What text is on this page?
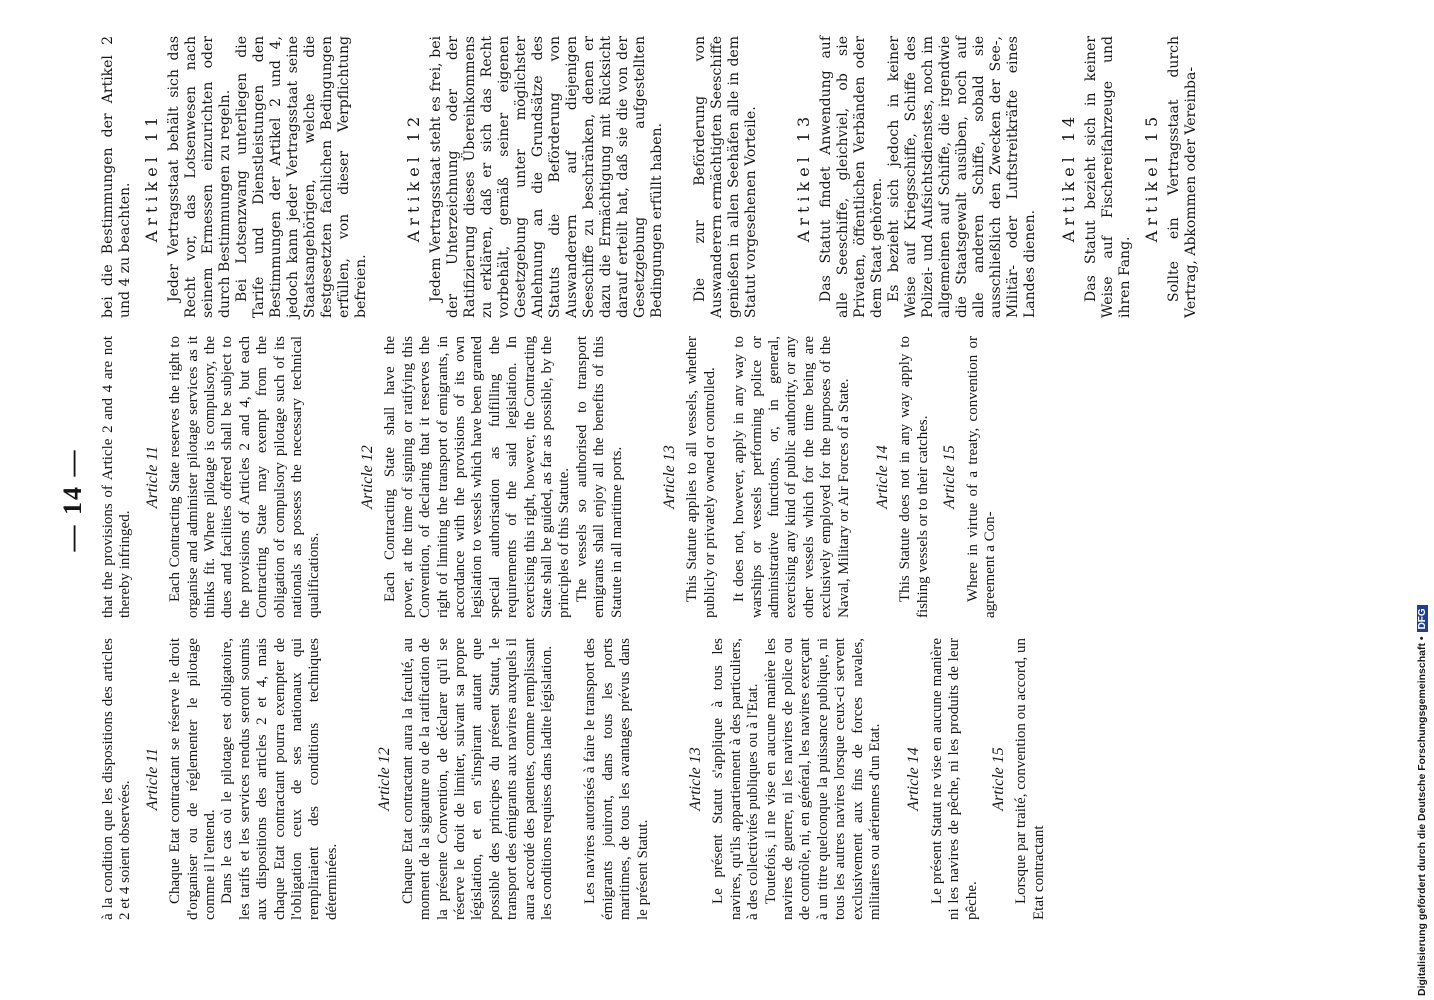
— 14 —

à la condition que les dispositions des articles 2 et 4 soient observées.

Article 11 Chaque Etat contractant se réserve le droit d'organiser ou de réglementer le pilotage comme il l'entend. Dans le cas où le pilotage est obligatoire, les tarifs et les services rendus seront soumis aux dispositions des articles 2 et 4, mais chaque Etat contractant pourra exempter de l'obligation ceux de ses nationaux qui rempliraient des conditions techniques déterminées.

Article 12 Chaque Etat contractant aura la faculté, au moment de la signature ou de la ratification de la présente Convention, de déclarer qu'il se réserve le droit de limiter, suivant sa propre législation, et en s'inspirant autant que possible des principes du présent Statut, le transport des émigrants aux navires auxquels il aura accordé des patentes, comme remplissant les conditions requises dans ladite législation. Les navires autorisés à faire le transport des émigrants jouiront, dans tous les ports maritimes, de tous les avantages prévus dans le présent Statut.

Article 13 Le présent Statut s'applique à tous les navires, qu'ils appartiennent à des particuliers, à des collectivités publiques ou à l'Etat. Toutefois, il ne vise en aucune manière les navires de guerre, ni les navires de police ou de contrôle, ni, en général, les navires exerçant à un titre quelconque la puissance publique, ni tous les autres navires lorsque ceux-ci servent exclusivement aux fins de forces navales, militaires ou aériennes d'un Etat. Article 14 Le présent Statut ne vise en aucune manière ni les navires de pêche, ni les produits de leur pêche.

Article 15 Lorsque par traité, convention ou accord, un Etat contractant

that the provisions of Article 2 and 4 are not thereby infringed.

Article 11 Each Contracting State reserves the right to organise and administer pilotage services as it thinks fit. Where pilotage is compulsory, the dues and facilities offered shall be subject to the provisions of Articles 2 and 4, but each Contracting State may exempt from the obligation of compulsory pilotage such of its nationals as possess the necessary technical qualifications.

Article 12 Each Contracting State shall have the power, at the time of signing or ratifying this Convention, of declaring that it reserves the right of limiting the transport of emigrants, in accordance with the provisions of its own legislation to vessels which have been granted special authorisation as fulfilling the requirements of the said legislation. In exercising this right, however, the Contracting State shall be guided, as far as possible, by the principles of this Statute. The vessels so authorised to transport emigrants shall enjoy all the benefits of this Statute in all maritime ports. Article 13 This Statute applies to all vessels, whether publicly or privately owned or controlled. It does not, however, apply in any way to warships or vessels performing police or administrative functions, or, in general, exercising any kind of public authority, or any other vessels which for the time being are exclusively employed for the purposes of the Naval, Military or Air Forces of a State. Article 14 This Statute does not in any way apply to fishing vessels or to their catches. Article 15 Where in virtue of a treaty, convention or agreement a Con-

bei die Bestimmungen der Artikel 2 und 4 zu beachten.

Artikel 11 Jeder Vertragsstaat behält sich das Recht vor, das Lotsenwesen nach seinem Ermessen einzurichten oder durch Bestimmungen zu regeln. Bei Lotsenzwang unterliegen die Tarife und Dienstleistungen den Bestimmungen der Artikel 2 und 4, jedoch kann jeder Vertragsstaat seine Staatsangehörigen, welche die festgesetzten fachlichen Bedingungen erfüllen, von dieser Verpflichtung befreien.

Artikel 12 Jedem Vertragsstaat steht es frei, bei der Unterzeichnung oder der Ratifizierung dieses Übereinkommens zu erklären, daß er sich das Recht vorbehält, gemäß seiner eigenen Gesetzgebung unter möglichster Anlehnung an die Grundsätze des Statuts die Beförderung von Auswanderern auf diejenigen Seeschiffe zu beschränken, denen er dazu die Ermächtigung mit Rücksicht darauf erteilt hat, daß sie die von der Gesetzgebung aufgestellten Bedingungen erfüllt haben. Die zur Beförderung von Auswanderern ermächtigten Seeschiffe genießen in allen Seehäfen alle in dem Statut vorgesehenen Vorteile. Artikel 13 Das Statut findet Anwendung auf alle Seeschiffe, gleichviel, ob sie Privaten, öffentlichen Verbänden oder dem Staat gehören. Es bezieht sich jedoch in keiner Weise auf Kriegsschiffe, Schiffe des Polizei- und Aufsichtsdienstes, noch im allgemeinen auf Schiffe, die irgendwie die Staatsgewalt ausüben, noch auf alle anderen Schiffe, sobald sie ausschließlich den Zwecken der See-, Militär- oder Luftstreitkräfte eines Landes dienen.

Artikel 14 Das Statut bezieht sich in keiner Weise auf Fischereifahrzeuge und ihren Fang.

Artikel 15 Sollte ein Vertragsstaat durch Vertrag, Abkommen oder Vereinba-

Digitalisierung gefördert durch die Deutsche Forschungsgemeinschaft •DFG
